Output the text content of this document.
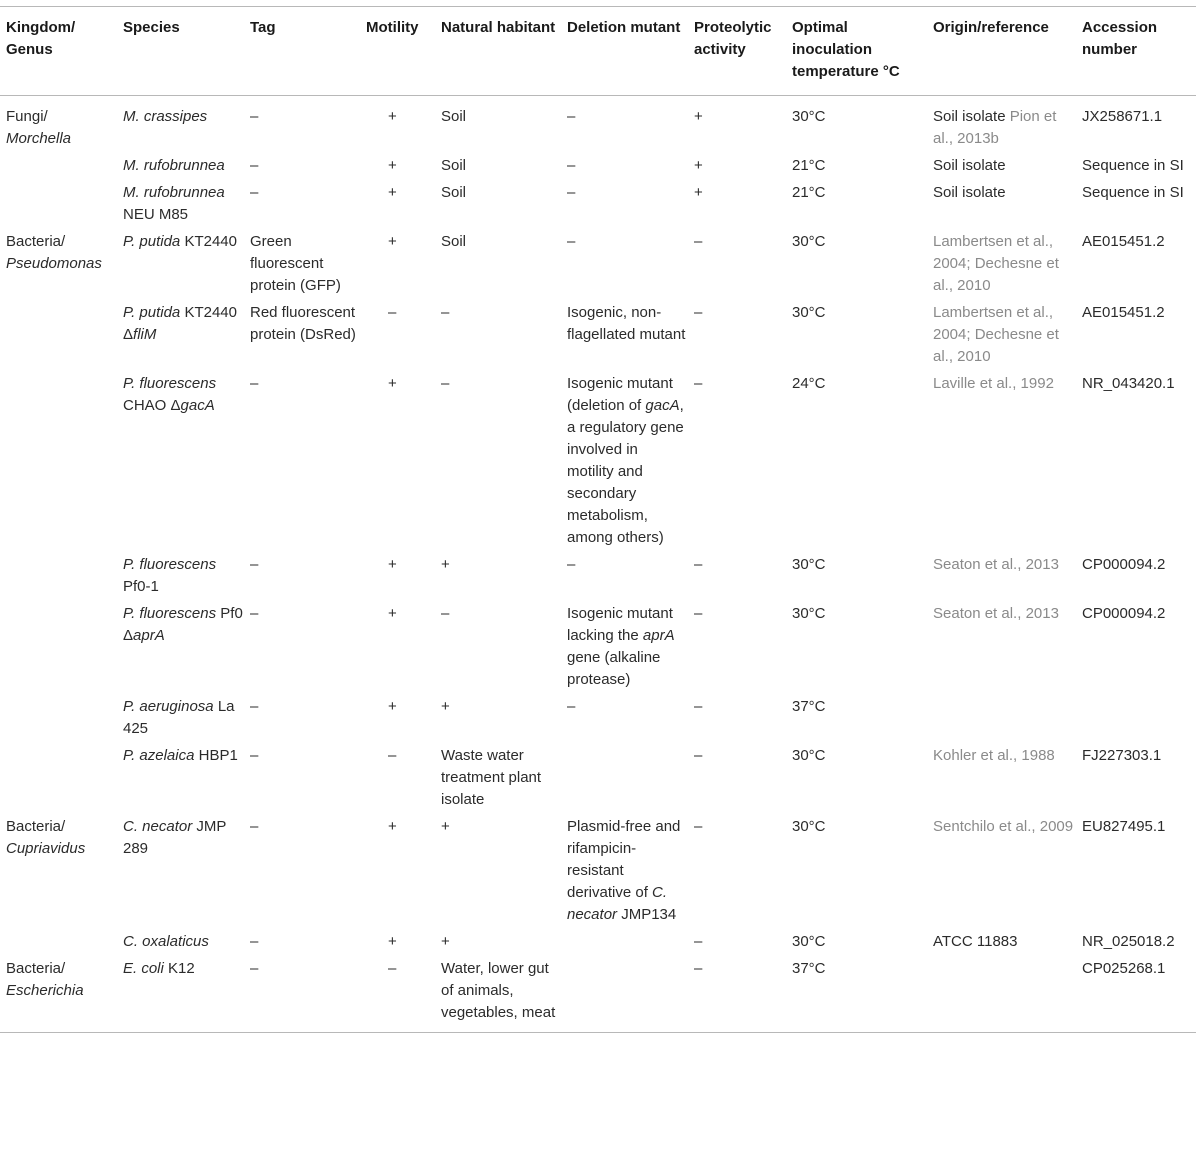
Kingdom/ Genus	Species	Tag	Motility	Natural habitant	Deletion mutant	Proteolytic activity	Optimal inoculation temperature °C	Origin/reference	Accession number
Fungi/
Morchella	M. crassipes	–	+	Soil	–	+	30°C	Soil isolate Pion et al., 2013b	JX258671.1
	M. rufobrunnea	–	+	Soil	–	+	21°C	Soil isolate	Sequence in SI
	M. rufobrunnea NEU M85	–	+	Soil	–	+	21°C	Soil isolate	Sequence in SI
Bacteria/
Pseudomonas	P. putida KT2440	Green fluorescent protein (GFP)	+	Soil	–	–	30°C	Lambertsen et al., 2004; Dechesne et al., 2010	AE015451.2
	P. putida KT2440 ΔfliM	Red fluorescent protein (DsRed)	–	–	Isogenic, non-flagellated mutant	–	30°C	Lambertsen et al., 2004; Dechesne et al., 2010	AE015451.2
	P. fluorescens CHAO ΔgacA	–	+	–	Isogenic mutant (deletion of gacA, a regulatory gene involved in motility and secondary metabolism, among others)	–	24°C	Laville et al., 1992	NR_043420.1
	P. fluorescens Pf0-1	–	+	+	–	–	30°C	Seaton et al., 2013	CP000094.2
	P. fluorescens Pf0 ΔaprA	–	+	–	Isogenic mutant lacking the aprA gene (alkaline protease)	–	30°C	Seaton et al., 2013	CP000094.2
	P. aeruginosa La 425	–	+	+	–	–	37°C		
	P. azelaica HBP1	–	–	Waste water treatment plant isolate		–	30°C	Kohler et al., 1988	FJ227303.1
Bacteria/
Cupriavidus	C. necator JMP 289	–	+	+	Plasmid-free and rifampicin-resistant derivative of C. necator JMP134	–	30°C	Sentchilo et al., 2009	EU827495.1
	C. oxalaticus	–	+	+		–	30°C	ATCC 11883	NR_025018.2
Bacteria/
Escherichia	E. coli K12	–	–	Water, lower gut of animals, vegetables, meat		–	37°C		CP025268.1
